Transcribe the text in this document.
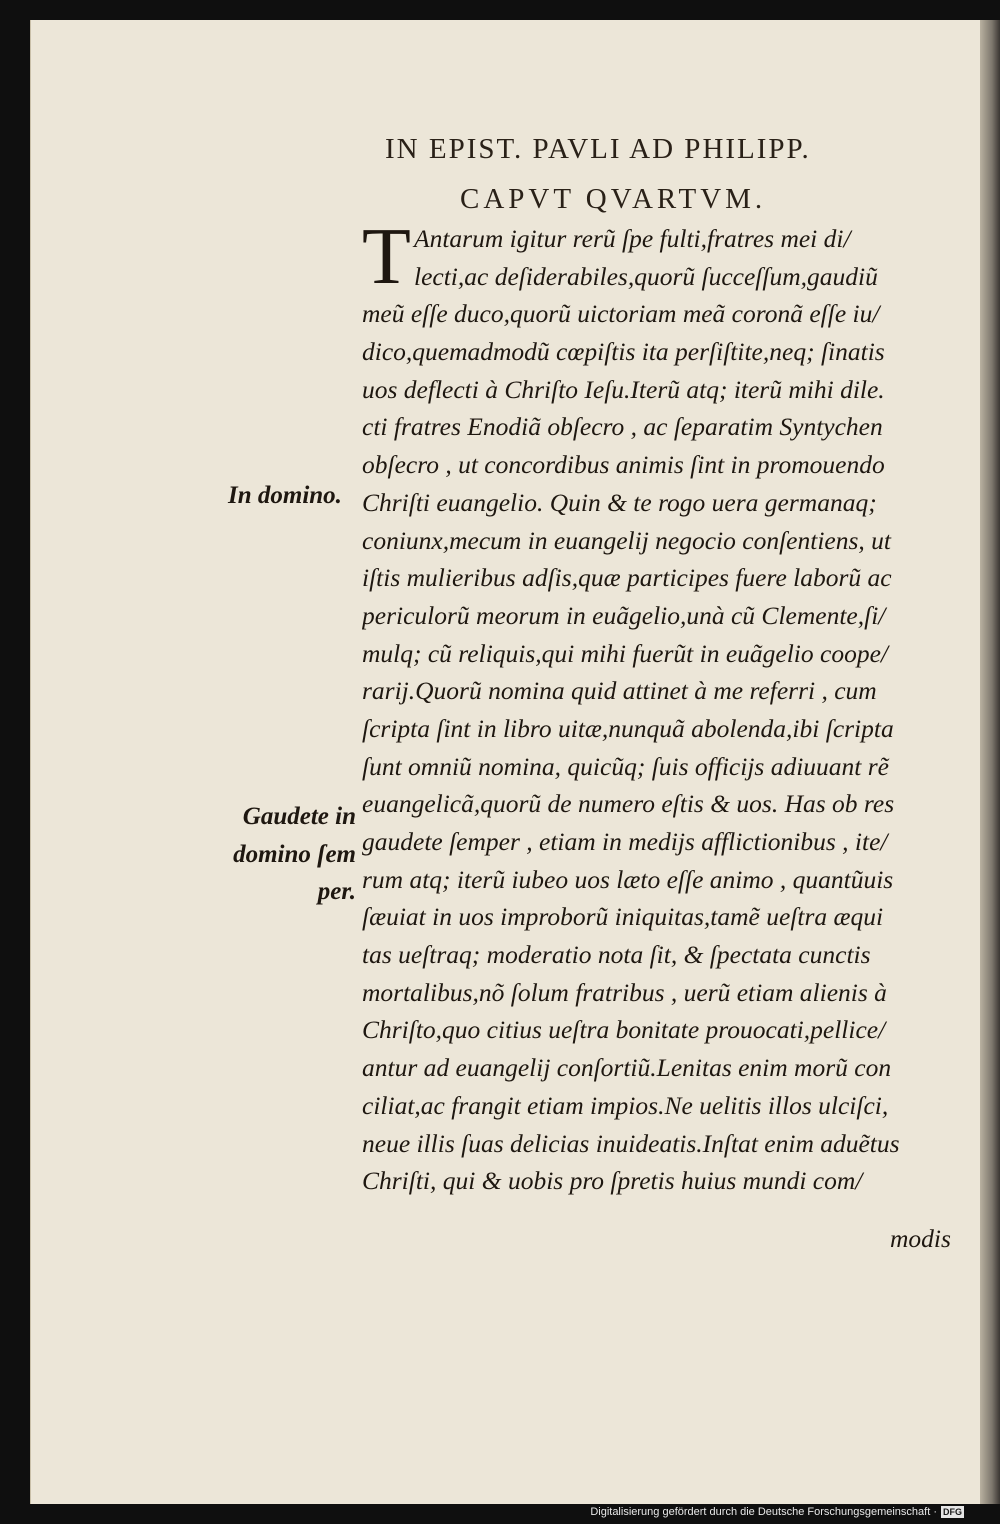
IN EPIST. PAVLI AD PHILIPP.
CAPVT QVARTVM.
T Antarum igitur rerũ ſpe fulti,fratres mei di/
lecti,ac deſiderabiles,quorũ ſucceſſum,gaudiũ
meũ eſſe duco,quorũ uictoriam meã coronã eſſe iu/
dico,quemadmodũ cœpiſtis ita perſiſtite,neq; ſinatis
uos deflecti à Chriſto Ieſu.Iterũ atq; iterũ mihi dile.
cti fratres Enodiã obſecro , ac ſeparatim Syntychen
obſecro , ut concordibus animis ſint in promouendo
Chriſti euangelio. Quin & te rogo uera germanaq;
coniunx,mecum in euangelij negocio conſentiens, ut
iſtis mulieribus adſis,quæ participes fuere laborũ ac
periculorũ meorum in euãgelio,unà cũ Clemente,ſi/
mulq; cũ reliquis,qui mihi fuerũt in euãgelio coope/
rarij.Quorũ nomina quid attinet à me referri , cum
ſcripta ſint in libro uitæ,nunquã abolenda,ibi ſcripta
ſunt omniũ nomina, quicũq; ſuis officijs adiuuant rẽ
euangelicã,quorũ de numero eſtis & uos. Has ob res
gaudete ſemper , etiam in medijs afflictionibus , ite/
rum atq; iterũ iubeo uos læto eſſe animo , quantũuis
ſæuiat in uos improborũ iniquitas,tamẽ ueſtra æqui
tas ueſtraq; moderatio nota ſit, & ſpectata cunctis
mortalibus,nõ ſolum fratribus , uerũ etiam alienis à
Chriſto,quo citius ueſtra bonitate prouocati,pellice/
antur ad euangelij conſortiũ.Lenitas enim morũ con
ciliat,ac frangit etiam impios.Ne uelitis illos ulciſci,
neue illis ſuas delicias inuideatis.Inſtat enim aduẽtus
Chriſti, qui & uobis pro ſpretis huius mundi com/
modis
In domino.
Gaudete in
domino ſem
per.
Digitalisierung gefördert durch die Deutsche Forschungsgemeinschaft · DFG
